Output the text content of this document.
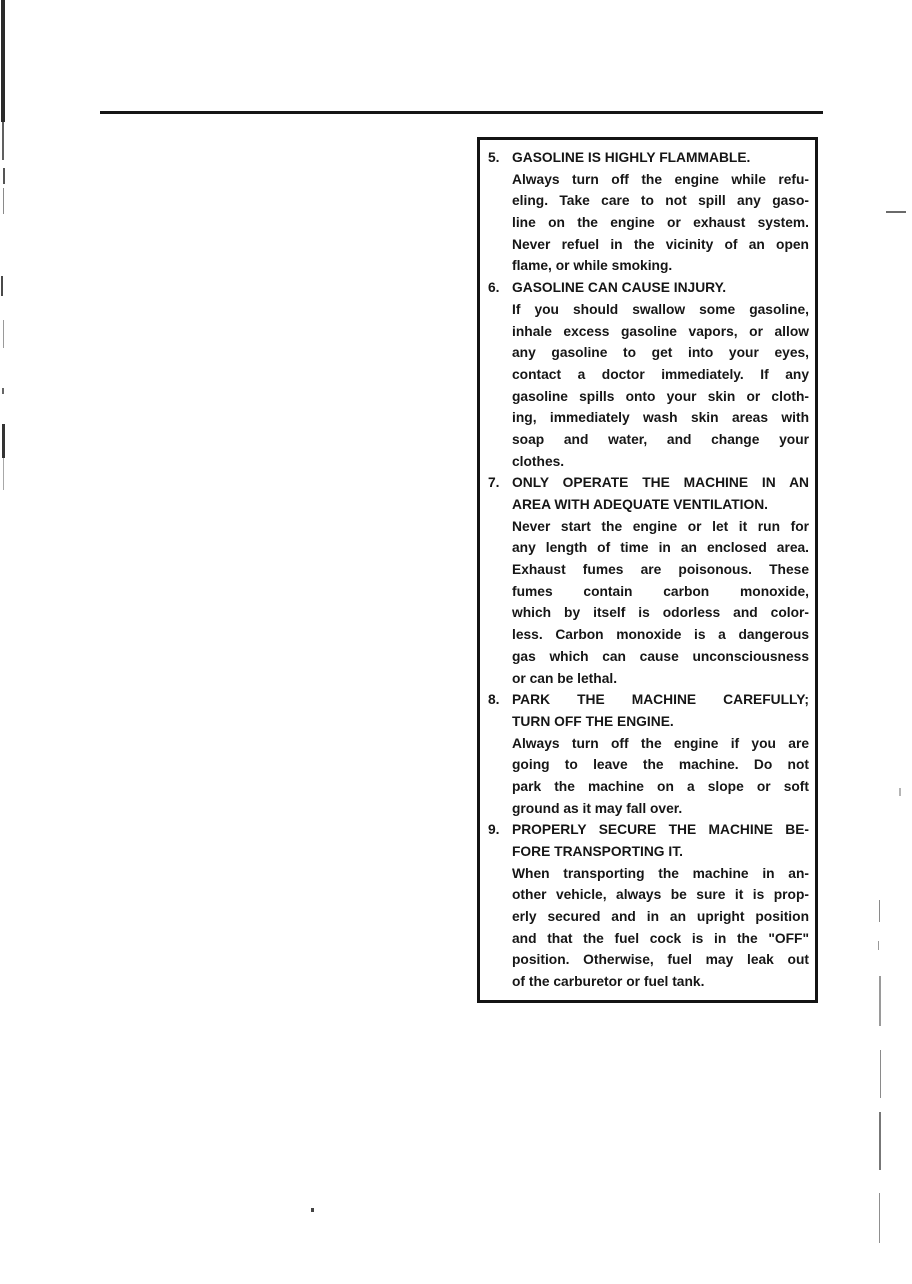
5. GASOLINE IS HIGHLY FLAMMABLE.
Always turn off the engine while refu-
eling. Take care to not spill any gaso-
line on the engine or exhaust system.
Never refuel in the vicinity of an open
flame, or while smoking.
6. GASOLINE CAN CAUSE INJURY.
If you should swallow some gasoline,
inhale excess gasoline vapors, or allow
any gasoline to get into your eyes,
contact a doctor immediately. If any
gasoline spills onto your skin or cloth-
ing, immediately wash skin areas with
soap and water, and change your
clothes.
7. ONLY OPERATE THE MACHINE IN AN
AREA WITH ADEQUATE VENTILATION.
Never start the engine or let it run for
any length of time in an enclosed area.
Exhaust fumes are poisonous. These
fumes contain carbon monoxide,
which by itself is odorless and color-
less. Carbon monoxide is a dangerous
gas which can cause unconsciousness
or can be lethal.
8. PARK THE MACHINE CAREFULLY;
TURN OFF THE ENGINE.
Always turn off the engine if you are
going to leave the machine. Do not
park the machine on a slope or soft
ground as it may fall over.
9. PROPERLY SECURE THE MACHINE BE-
FORE TRANSPORTING IT.
When transporting the machine in an-
other vehicle, always be sure it is prop-
erly secured and in an upright position
and that the fuel cock is in the "OFF"
position. Otherwise, fuel may leak out
of the carburetor or fuel tank.
